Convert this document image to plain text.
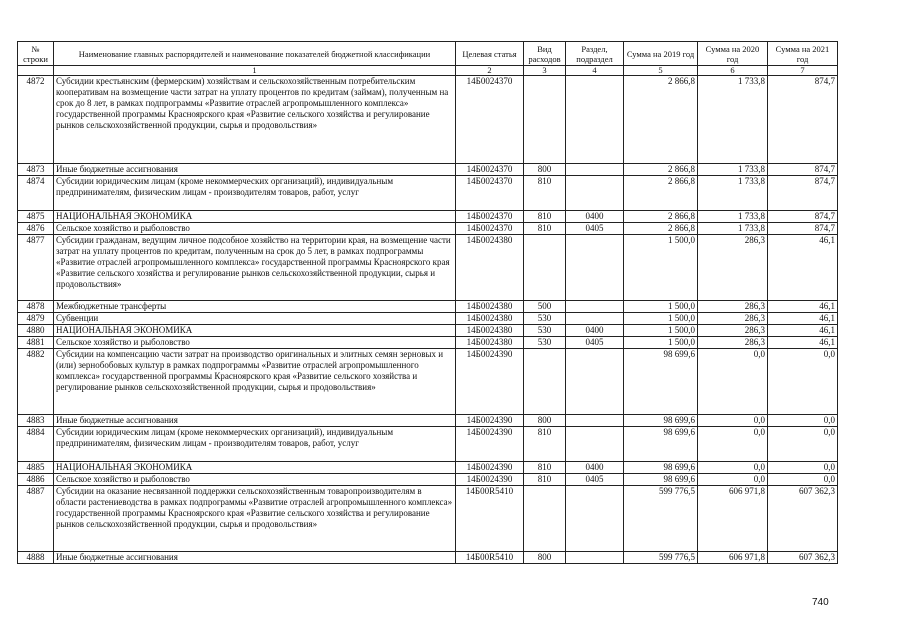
№ строки	Наименование главных распорядителей и наименование показателей бюджетной классификации	Целевая статья	Вид расходов	Раздел, подраздел	Сумма на 2019 год	Сумма на 2020 год	Сумма на 2021 год
	1	2	3	4	5	6	7
4872	Субсидии крестьянским (фермерским) хозяйствам и сельскохозяйственным потребительским кооперативам на возмещение части затрат на уплату процентов по кредитам (займам), полученным на срок до 8 лет, в рамках подпрограммы «Развитие отраслей агропромышленного комплекса» государственной программы Красноярского края «Развитие сельского хозяйства и регулирование рынков сельскохозяйственной продукции, сырья и продовольствия»	14Б0024370			2 866,8	1 733,8	874,7
4873	Иные бюджетные ассигнования	14Б0024370	800		2 866,8	1 733,8	874,7
4874	Субсидии юридическим лицам (кроме некоммерческих организаций), индивидуальным предпринимателям, физическим лицам - производителям товаров, работ, услуг	14Б0024370	810		2 866,8	1 733,8	874,7
4875	НАЦИОНАЛЬНАЯ ЭКОНОМИКА	14Б0024370	810	0400	2 866,8	1 733,8	874,7
4876	Сельское хозяйство и рыболовство	14Б0024370	810	0405	2 866,8	1 733,8	874,7
4877	Субсидии гражданам, ведущим личное подсобное хозяйство на территории края, на возмещение части затрат на уплату процентов по кредитам, полученным на срок до 5 лет, в рамках подпрограммы «Развитие отраслей агропромышленного комплекса» государственной программы Красноярского края «Развитие сельского хозяйства и регулирование рынков сельскохозяйственной продукции, сырья и продовольствия»	14Б0024380			1 500,0	286,3	46,1
4878	Межбюджетные трансферты	14Б0024380	500		1 500,0	286,3	46,1
4879	Субвенции	14Б0024380	530		1 500,0	286,3	46,1
4880	НАЦИОНАЛЬНАЯ ЭКОНОМИКА	14Б0024380	530	0400	1 500,0	286,3	46,1
4881	Сельское хозяйство и рыболовство	14Б0024380	530	0405	1 500,0	286,3	46,1
4882	Субсидии на компенсацию части затрат на производство оригинальных и элитных семян зерновых и (или) зернобобовых культур в рамках подпрограммы «Развитие отраслей агропромышленного комплекса» государственной программы Красноярского края «Развитие сельского хозяйства и регулирование рынков сельскохозяйственной продукции, сырья и продовольствия»	14Б0024390			98 699,6	0,0	0,0
4883	Иные бюджетные ассигнования	14Б0024390	800		98 699,6	0,0	0,0
4884	Субсидии юридическим лицам (кроме некоммерческих организаций), индивидуальным предпринимателям, физическим лицам - производителям товаров, работ, услуг	14Б0024390	810		98 699,6	0,0	0,0
4885	НАЦИОНАЛЬНАЯ ЭКОНОМИКА	14Б0024390	810	0400	98 699,6	0,0	0,0
4886	Сельское хозяйство и рыболовство	14Б0024390	810	0405	98 699,6	0,0	0,0
4887	Субсидии на оказание несвязанной поддержки сельскохозяйственным товаропроизводителям в области растениеводства в рамках подпрограммы «Развитие отраслей агропромышленного комплекса» государственной программы Красноярского края «Развитие сельского хозяйства и регулирование рынков сельскохозяйственной продукции, сырья и продовольствия»	14Б00R5410			599 776,5	606 971,8	607 362,3
4888	Иные бюджетные ассигнования	14Б00R5410	800		599 776,5	606 971,8	607 362,3
740
